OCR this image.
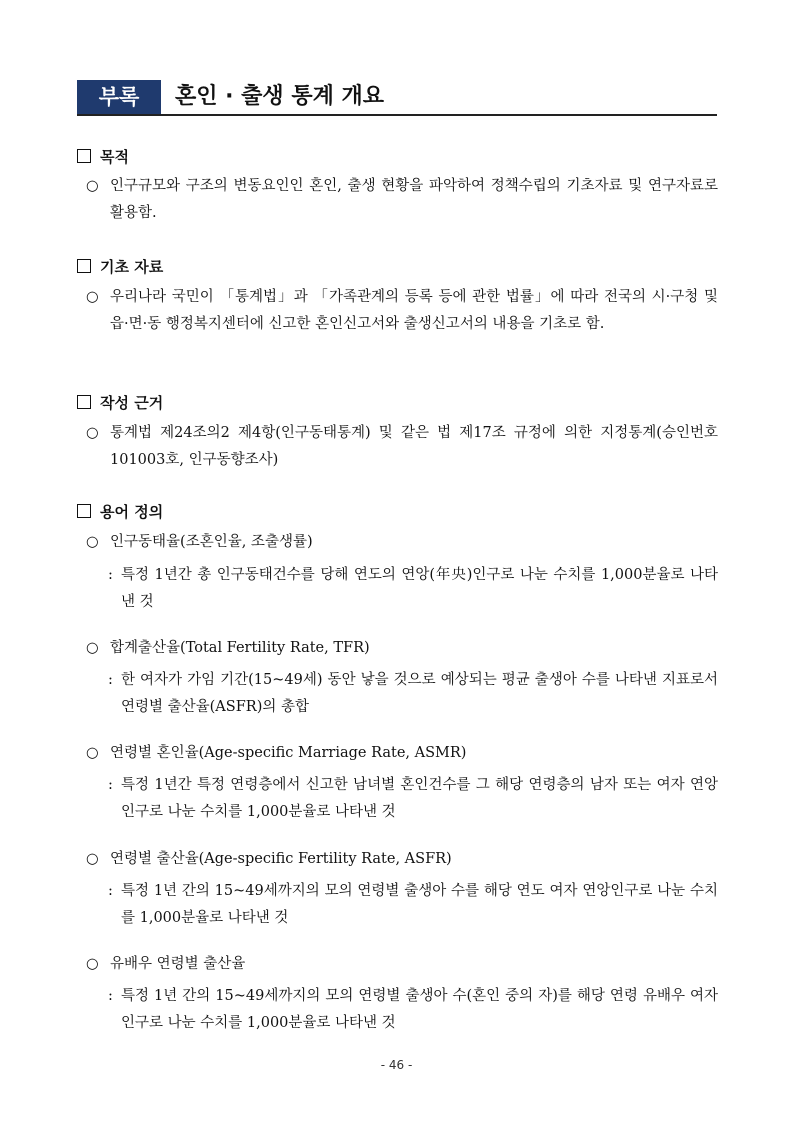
부록	혼인 · 출생 통계 개요
목적
○ 인구규모와 구조의 변동요인인 혼인, 출생 현황을 파악하여 정책수립의 기초자료 및 연구자료로 활용함.
기초 자료
○ 우리나라 국민이 「통계법」과 「가족관계의 등록 등에 관한 법률」에 따라 전국의 시·구청 및 읍·면·동 행정복지센터에 신고한 혼인신고서와 출생신고서의 내용을 기초로 함.
작성 근거
○ 통계법 제24조의2 제4항(인구동태통계) 및 같은 법 제17조 규정에 의한 지정통계(승인번호 101003호, 인구동향조사)
용어 정의
○ 인구동태율(조혼인율, 조출생률)
: 특정 1년간 총 인구동태건수를 당해 연도의 연앙(年央)인구로 나눈 수치를 1,000분율로 나타낸 것
○ 합계출산율(Total Fertility Rate, TFR)
: 한 여자가 가임 기간(15~49세) 동안 낳을 것으로 예상되는 평균 출생아 수를 나타낸 지표로서 연령별 출산율(ASFR)의 총합
○ 연령별 혼인율(Age-specific Marriage Rate, ASMR)
: 특정 1년간 특정 연령층에서 신고한 남녀별 혼인건수를 그 해당 연령층의 남자 또는 여자 연앙인구로 나눈 수치를 1,000분율로 나타낸 것
○ 연령별 출산율(Age-specific Fertility Rate, ASFR)
: 특정 1년 간의 15~49세까지의 모의 연령별 출생아 수를 해당 연도 여자 연앙인구로 나눈 수치를 1,000분율로 나타낸 것
○ 유배우 연령별 출산율
: 특정 1년 간의 15~49세까지의 모의 연령별 출생아 수(혼인 중의 자)를 해당 연령 유배우 여자 인구로 나눈 수치를 1,000분율로 나타낸 것
- 46 -
